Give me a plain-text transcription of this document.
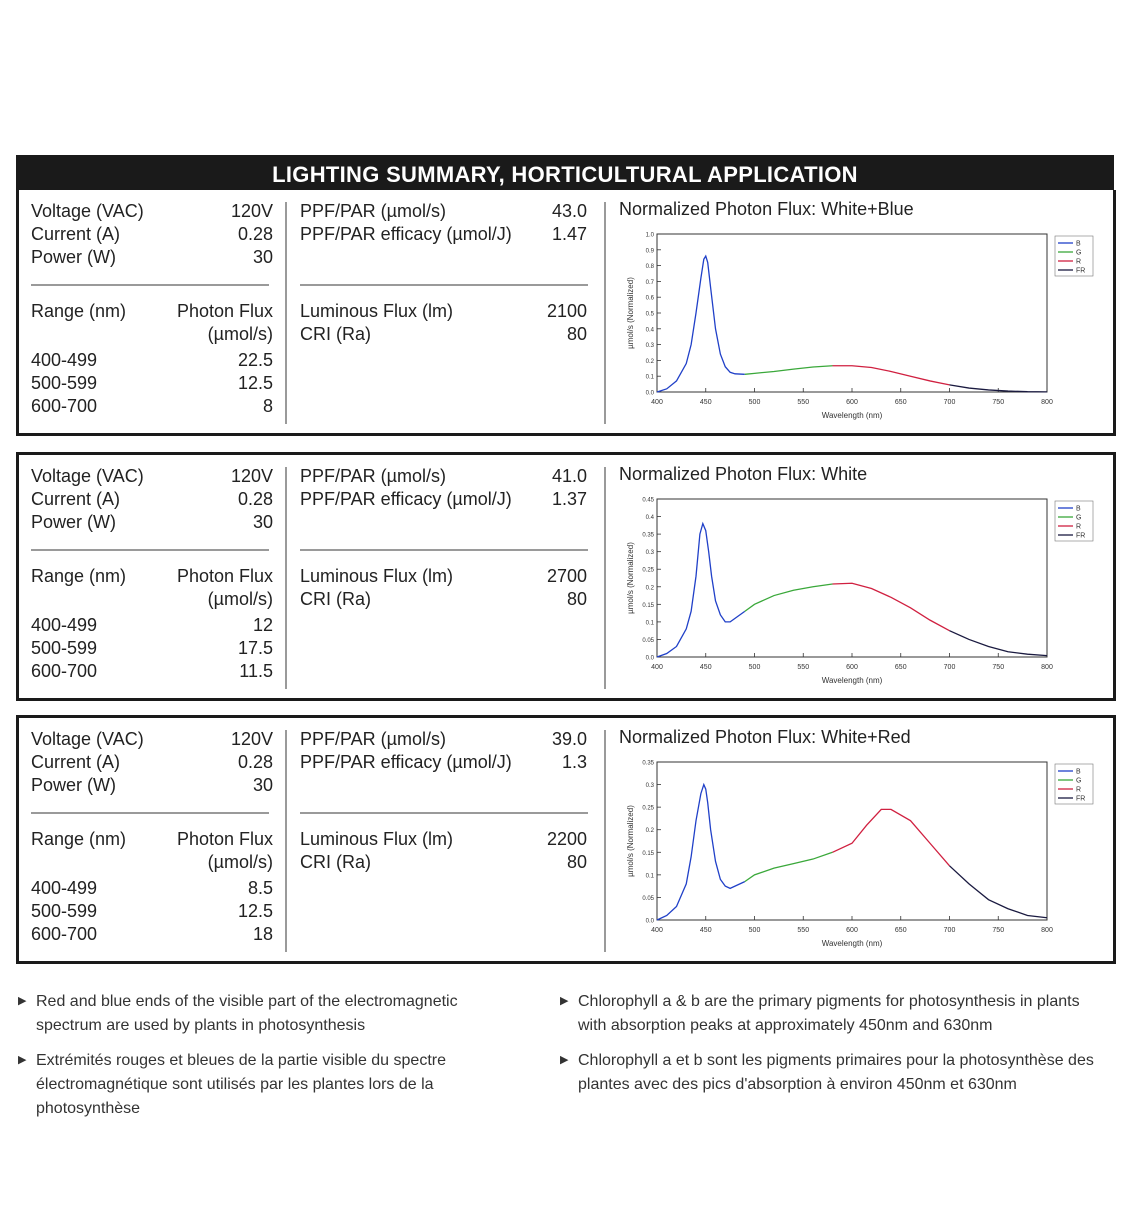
LIGHTING SUMMARY, HORTICULTURAL APPLICATION
Voltage (VAC)	120V
Current (A)	0.28
Power (W)	30
Range (nm)	Photon Flux
(µmol/s)
400-499	22.5
500-599	12.5
600-700	8
PPF/PAR (µmol/s)	43.0
PPF/PAR efficacy (µmol/J)	1.47
Luminous Flux (lm)	2100
CRI (Ra)	80
Normalized Photon Flux: White+Blue
400	450	500	550	600	650	700	750	800
0.0
0.1
0.2
0.3
0.4
0.5
0.6
0.7
0.8
0.9
1.0
Wavelength (nm)
µmol/s (Normalized)
B
G
R
FR
Voltage (VAC)	120V
Current (A)	0.28
Power (W)	30
Range (nm)	Photon Flux
(µmol/s)
400-499	12
500-599	17.5
600-700	11.5
PPF/PAR (µmol/s)	41.0
PPF/PAR efficacy (µmol/J)	1.37
Luminous Flux (lm)	2700
CRI (Ra)	80
Normalized Photon Flux: White
400	450	500	550	600	650	700	750	800
0.0
0.05
0.1
0.15
0.2
0.25
0.3
0.35
0.4
0.45
Wavelength (nm)
µmol/s (Normalized)
B
G
R
FR
Voltage (VAC)	120V
Current (A)	0.28
Power (W)	30
Range (nm)	Photon Flux
(µmol/s)
400-499	8.5
500-599	12.5
600-700	18
PPF/PAR (µmol/s)	39.0
PPF/PAR efficacy (µmol/J)	1.3
Luminous Flux (lm)	2200
CRI (Ra)	80
Normalized Photon Flux: White+Red
400	450	500	550	600	650	700	750	800
0.0
0.05
0.1
0.15
0.2
0.25
0.3
0.35
Wavelength (nm)
µmol/s (Normalized)
B
G
R
FR
▶ Red and blue ends of the visible part of the electromagnetic spectrum are used by plants in photosynthesis
▶ Chlorophyll a & b are the primary pigments for photosynthesis in plants with absorption peaks at approximately 450nm and 630nm
▶ Extrémités rouges et bleues de la partie visible du spectre électromagnétique sont utilisés par les plantes lors de la photosynthèse
▶ Chlorophyll a et b sont les pigments primaires pour la photosynthèse des plantes avec des pics d'absorption à environ 450nm et 630nm
